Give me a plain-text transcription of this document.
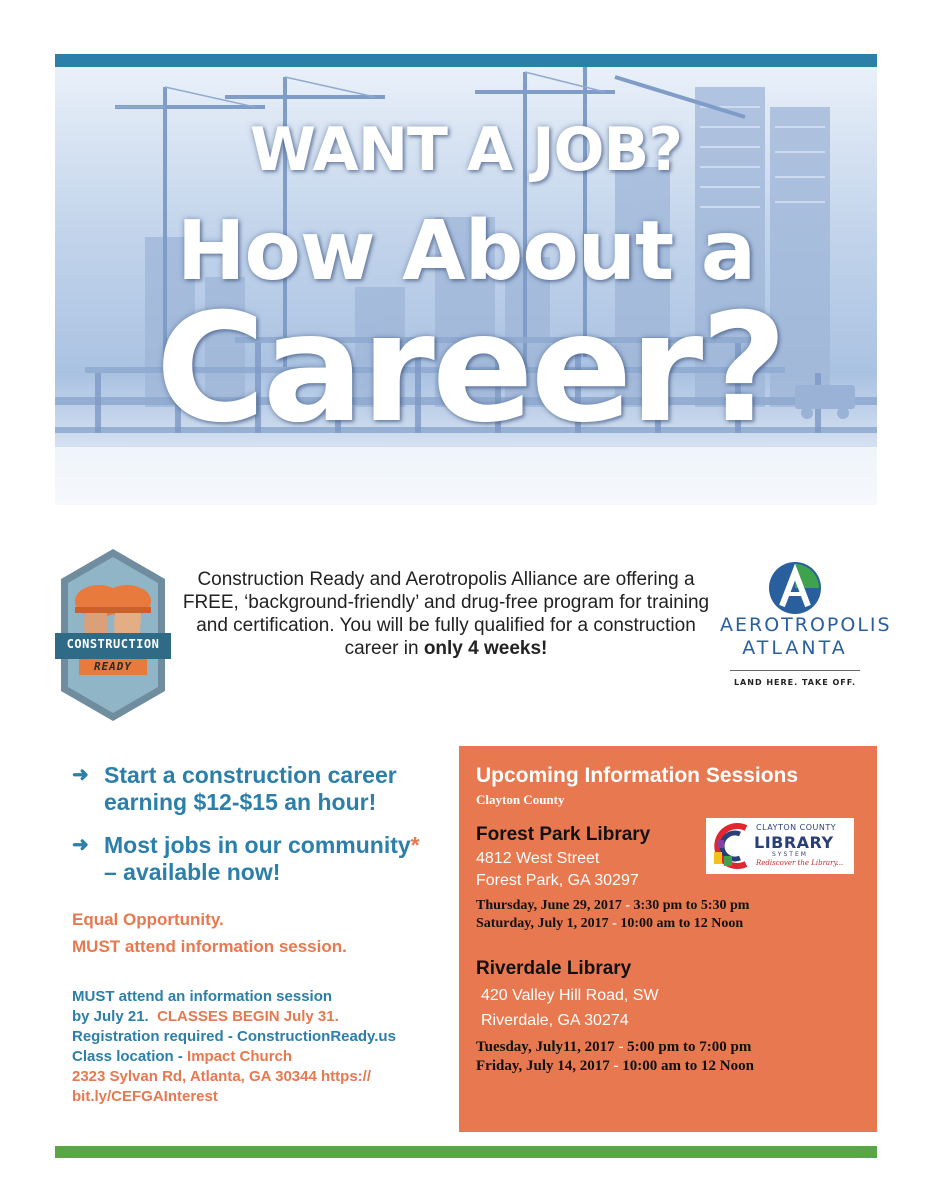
WANT A JOB?
How About a
Career?
CONSTRUCTION
READY
Construction Ready and Aerotropolis Alliance are offering a FREE, ‘background-friendly’ and drug-free program for training and certification. You will be fully qualified for a construction career in only 4 weeks!
AEROTROPOLIS
ATLANTA
LAND HERE. TAKE OFF.
➜ Start a construction career earning $12-$15 an hour!
➜ Most jobs in our community*
– available now!
Equal Opportunity.
MUST attend information session.
MUST attend an information session
by July 21. CLASSES BEGIN July 31.
Registration required - ConstructionReady.us
Class location - Impact Church
2323 Sylvan Rd, Atlanta, GA 30344 https://
bit.ly/CEFGAInterest
Upcoming Information Sessions
Clayton County
Forest Park Library
4812 West Street
Forest Park, GA 30297
Thursday, June 29, 2017 - 3:30 pm to 5:30 pm
Saturday, July 1, 2017 - 10:00 am to 12 Noon
Riverdale Library
420 Valley Hill Road, SW
Riverdale, GA 30274
Tuesday, July11, 2017 - 5:00 pm to 7:00 pm
Friday, July 14, 2017 - 10:00 am to 12 Noon
CLAYTON COUNTY
LIBRARY
SYSTEM
Rediscover the Library...
